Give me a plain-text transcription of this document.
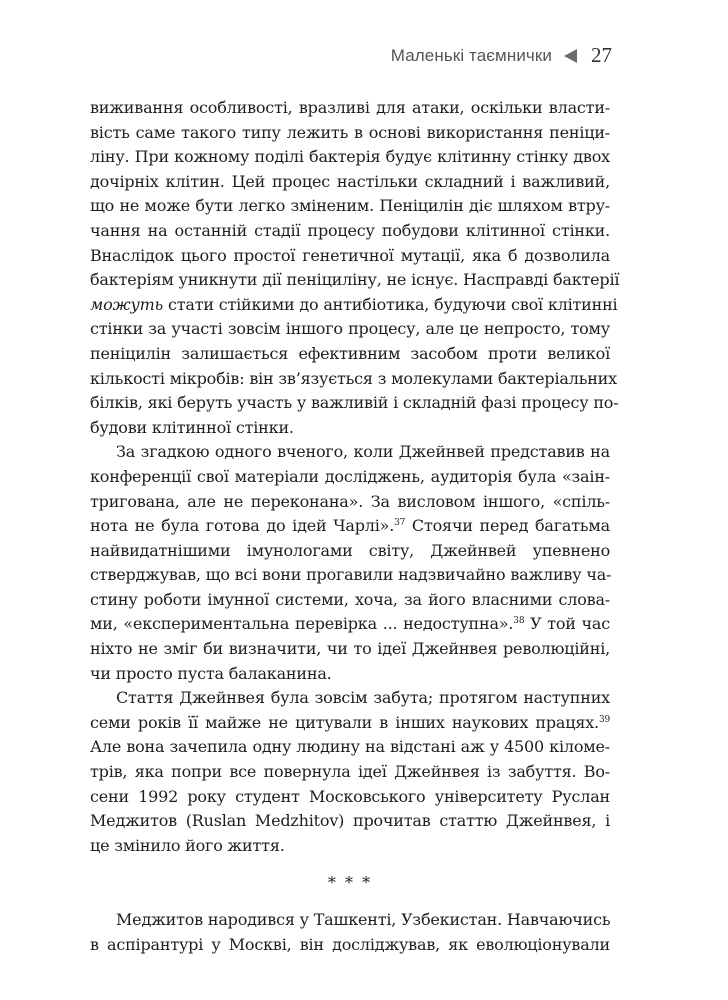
Маленькі таємнички 27
виживання особливості, вразливі для атаки, оскільки власти-
вість саме такого типу лежить в основі використання пеніци-
ліну. При кожному поділі бактерія будує клітинну стінку двох
дочірніх клітин. Цей процес настільки складний і важливий,
що не може бути легко зміненим. Пеніцилін діє шляхом втру-
чання на останній стадії процесу побудови клітинної стінки.
Внаслідок цього простої генетичної мутації, яка б дозволила
бактеріям уникнути дії пеніциліну, не існує. Насправді бактерії
можуть стати стійкими до антибіотика, будуючи свої клітинні
стінки за участі зовсім іншого процесу, але це непросто, тому
пеніцилін залишається ефективним засобом проти великої
кількості мікробів: він зв’язується з молекулами бактеріальних
білків, які беруть участь у важливій і складній фазі процесу по-
будови клітинної стінки.
За згадкою одного вченого, коли Джейнвей представив на
конференції свої матеріали досліджень, аудиторія була «заін-
тригована, але не переконана». За висловом іншого, «спіль-
нота не була готова до ідей Чарлі».$^{37}$ Стоячи перед багатьма
найвидатнішими імунологами світу, Джейнвей упевнено
стверджував, що всі вони прогавили надзвичайно важливу ча-
стину роботи імунної системи, хоча, за його власними слова-
ми, «експериментальна перевірка ... недоступна».$^{38}$ У той час
ніхто не зміг би визначити, чи то ідеї Джейнвея революційні,
чи просто пуста балаканина.
Стаття Джейнвея була зовсім забута; протягом наступних
семи років її майже не цитували в інших наукових працях.$^{39}$
Але вона зачепила одну людину на відстані аж у 4500 кіломе-
трів, яка попри все повернула ідеї Джейнвея із забуття. Во-
сени 1992 року студент Московського університету Руслан
Меджитов (Ruslan Medzhitov) прочитав статтю Джейнвея, і
це змінило його життя.
* * *
Меджитов народився у Ташкенті, Узбекистан. Навчаючись
в аспірантурі у Москві, він досліджував, як еволюціонували
